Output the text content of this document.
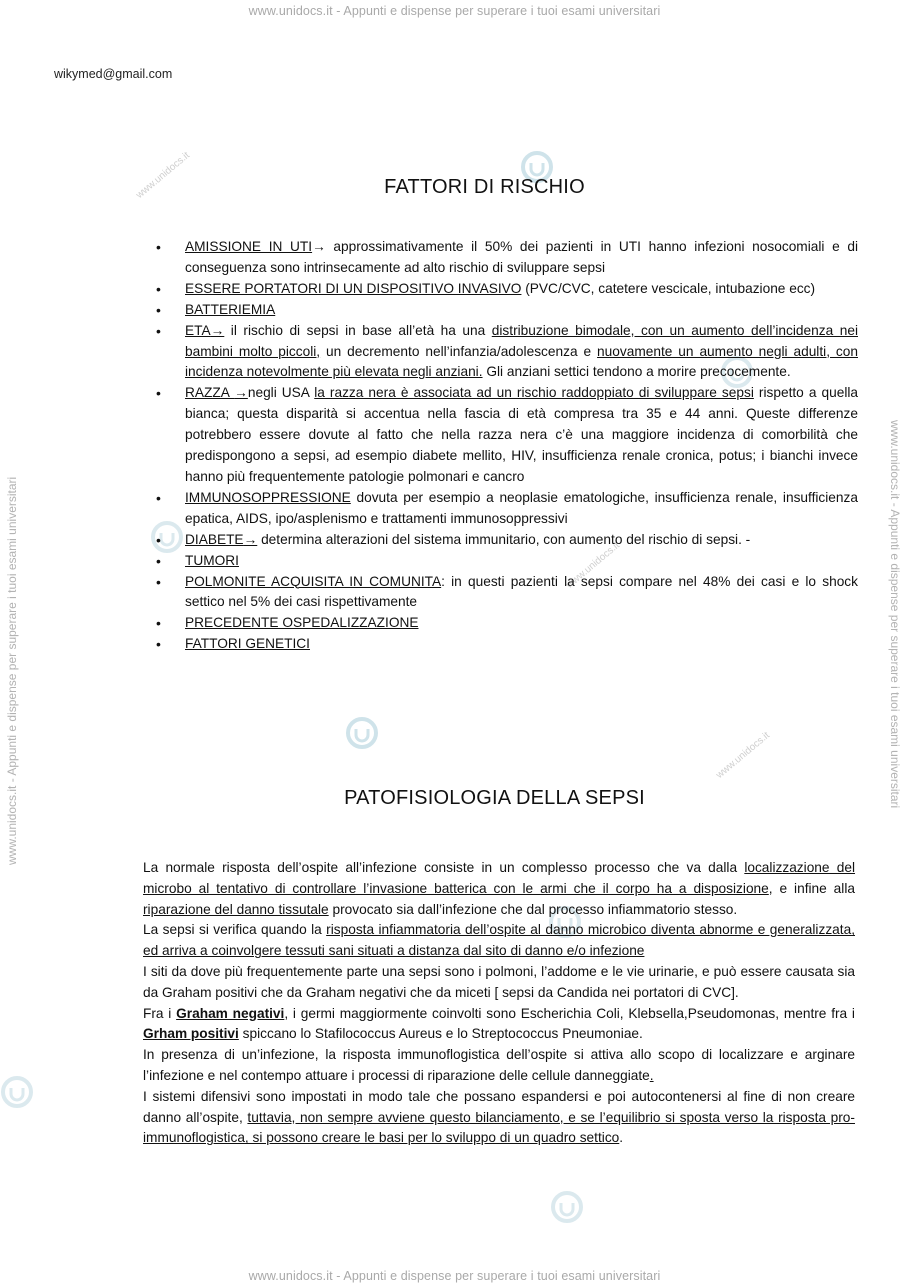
www.unidocs.it - Appunti e dispense per superare i tuoi esami universitari
www.unidocs.it - Appunti e dispense per superare i tuoi esami universitari
www.unidocs.it - Appunti e dispense per superare i tuoi esami universitari	www.unidocs.it - Appunti e dispense per superare i tuoi esami universitari
www.unidocs.it
www.unidocs.it
www.unidocs.it
wikymed@gmail.com
FATTORI DI RISCHIO
• AMISSIONE IN UTI→ approssimativamente il 50% dei pazienti in UTI hanno infezioni nosocomiali e di conseguenza sono intrinsecamente ad alto rischio di sviluppare sepsi
• ESSERE PORTATORI DI UN DISPOSITIVO INVASIVO (PVC/CVC, catetere vescicale, intubazione ecc)
• BATTERIEMIA
• ETA→ il rischio di sepsi in base all’età ha una distribuzione bimodale, con un aumento dell’incidenza nei bambini molto piccoli, un decremento nell’infanzia/adolescenza e nuovamente un aumento negli adulti, con incidenza notevolmente più elevata negli anziani. Gli anziani settici tendono a morire precocemente.
• RAZZA →negli USA la razza nera è associata ad un rischio raddoppiato di sviluppare sepsi rispetto a quella bianca; questa disparità si accentua nella fascia di età compresa tra 35 e 44 anni. Queste differenze potrebbero essere dovute al fatto che nella razza nera c’è una maggiore incidenza di comorbilità che predispongono a sepsi, ad esempio diabete mellito, HIV, insufficienza renale cronica, potus; i bianchi invece hanno più frequentemente patologie polmonari e cancro
• IMMUNOSOPPRESSIONE dovuta per esempio a neoplasie ematologiche, insufficienza renale, insufficienza epatica, AIDS, ipo/asplenismo e trattamenti immunosoppressivi
• DIABETE→ determina alterazioni del sistema immunitario, con aumento del rischio di sepsi. -
• TUMORI
• POLMONITE ACQUISITA IN COMUNITA: in questi pazienti la sepsi compare nel 48% dei casi e lo shock settico nel 5% dei casi rispettivamente
• PRECEDENTE OSPEDALIZZAZIONE
• FATTORI GENETICI
PATOFISIOLOGIA DELLA SEPSI

La normale risposta dell’ospite all’infezione consiste in un complesso processo che va dalla localizzazione del microbo al tentativo di controllare l’invasione batterica con le armi che il corpo ha a disposizione, e infine alla riparazione del danno tissutale provocato sia dall’infezione che dal processo infiammatorio stesso.

La sepsi si verifica quando la risposta infiammatoria dell’ospite al danno microbico diventa abnorme e generalizzata, ed arriva a coinvolgere tessuti sani situati a distanza dal sito di danno e/o infezione

I siti da dove più frequentemente parte una sepsi sono i polmoni, l’addome e le vie urinarie, e può essere causata sia da Graham positivi che da Graham negativi che da miceti [ sepsi da Candida nei portatori di CVC].

Fra i Graham negativi, i germi maggiormente coinvolti sono Escherichia Coli, Klebsella,Pseudomonas, mentre fra i Grham positivi spiccano lo Stafilococcus Aureus e lo Streptococcus Pneumoniae.

In presenza di un’infezione, la risposta immunoflogistica dell’ospite si attiva allo scopo di localizzare e arginare l’infezione e nel contempo attuare i processi di riparazione delle cellule danneggiate.

I sistemi difensivi sono impostati in modo tale che possano espandersi e poi autocontenersi al fine di non creare danno all’ospite, tuttavia, non sempre avviene questo bilanciamento, e se l’equilibrio si sposta verso la risposta pro-immunoflogistica, si possono creare le basi per lo sviluppo di un quadro settico.
